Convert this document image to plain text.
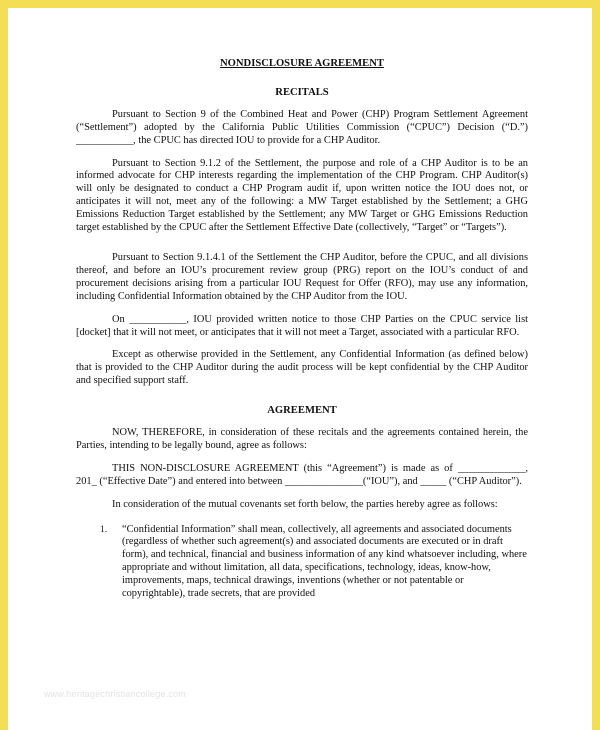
NONDISCLOSURE AGREEMENT
RECITALS

Pursuant to Section 9 of the Combined Heat and Power (CHP) Program Settlement Agreement (“Settlement”) adopted by the California Public Utilities Commission (“CPUC”) Decision (“D.”) ___________, the CPUC has directed IOU to provide for a CHP Auditor.

Pursuant to Section 9.1.2 of the Settlement, the purpose and role of a CHP Auditor is to be an informed advocate for CHP interests regarding the implementation of the CHP Program. CHP Auditor(s) will only be designated to conduct a CHP Program audit if, upon written notice the IOU does not, or anticipates it will not, meet any of the following: a MW Target established by the Settlement; a GHG Emissions Reduction Target established by the Settlement; any MW Target or GHG Emissions Reduction target established by the CPUC after the Settlement Effective Date (collectively, “Target” or “Targets”).

Pursuant to Section 9.1.4.1 of the Settlement the CHP Auditor, before the CPUC, and all divisions thereof, and before an IOU’s procurement review group (PRG) report on the IOU’s conduct of and procurement decisions arising from a particular IOU Request for Offer (RFO), may use any information, including Confidential Information obtained by the CHP Auditor from the IOU.

On ___________, IOU provided written notice to those CHP Parties on the CPUC service list [docket] that it will not meet, or anticipates that it will not meet a Target, associated with a particular RFO.

Except as otherwise provided in the Settlement, any Confidential Information (as defined below) that is provided to the CHP Auditor during the audit process will be kept confidential by the CHP Auditor and specified support staff.

AGREEMENT

NOW, THEREFORE, in consideration of these recitals and the agreements contained herein, the Parties, intending to be legally bound, agree as follows:

THIS NON-DISCLOSURE AGREEMENT (this “Agreement”) is made as of _____________, 201_ (“Effective Date”) and entered into between _______________(“IOU”), and _____ (“CHP Auditor”).

In consideration of the mutual covenants set forth below, the parties hereby agree as follows:

1.	“Confidential Information” shall mean, collectively, all agreements and associated documents (regardless of whether such agreement(s) and associated documents are executed or in draft form), and technical, financial and business information of any kind whatsoever including, where appropriate and without limitation, all data, specifications, technology, ideas, know-how, improvements, maps, technical drawings, inventions (whether or not patentable or copyrightable), trade secrets, that are provided
www.heritagechristiancollege.com
